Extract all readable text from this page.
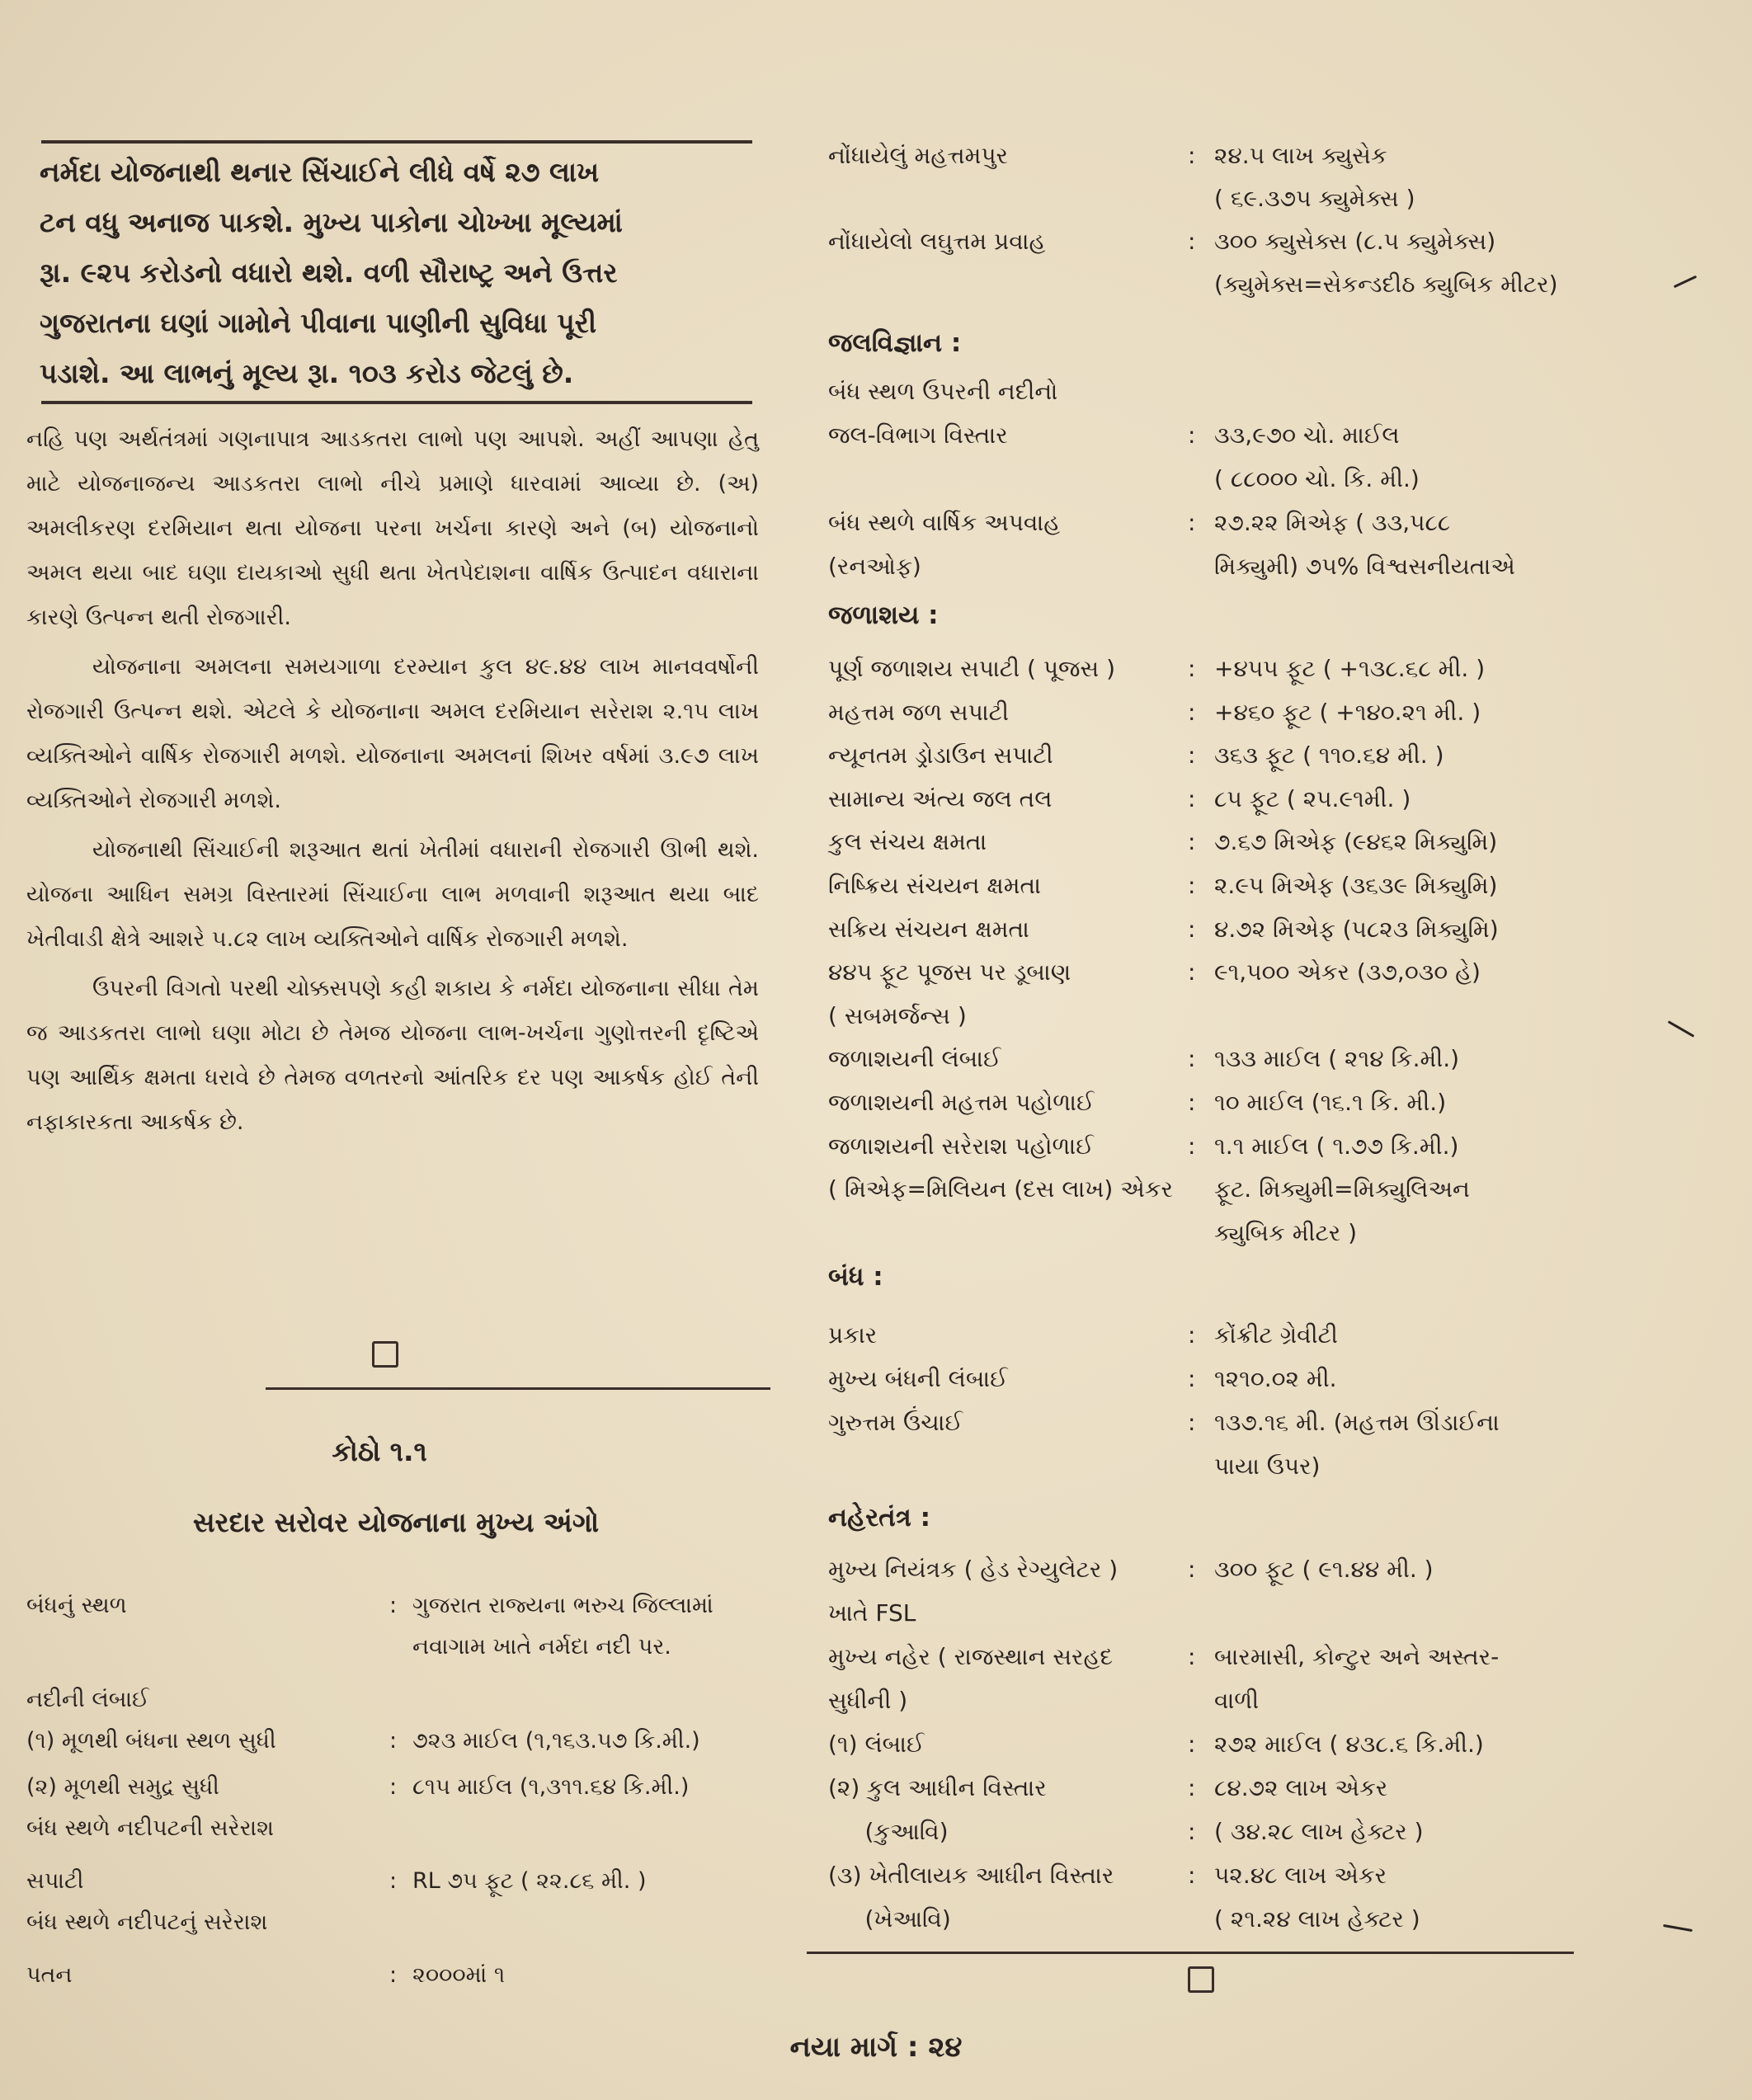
નર્મદા યોજનાથી થનાર સિંચાઈને લીધે વર્ષે ૨૭ લાખ
ટન વધુ અનાજ પાકશે. મુખ્ય પાકોના ચોખ્ખા મૂલ્યમાં
રૂા. ૯૨૫ કરોડનો વધારો થશે. વળી સૌરાષ્ટ્ર અને ઉત્તર
ગુજરાતના ઘણાં ગામોને પીવાના પાણીની સુવિધા પૂરી
પડાશે. આ લાભનું મૂલ્ય રૂા. ૧૦૩ કરોડ જેટલું છે.

નહિ પણ અર્થતંત્રમાં ગણનાપાત્ર આડકતરા લાભો પણ આપશે. અહીં આપણા હેતુ માટે યોજનાજન્ય આડકતરા લાભો નીચે પ્રમાણે ધારવામાં આવ્યા છે. (અ) અમલીકરણ દરમિયાન થતા યોજના પરના ખર્ચના કારણે અને (બ) યોજનાનો અમલ થયા બાદ ઘણા દાયકાઓ સુધી થતા ખેતપેદાશના વાર્ષિક ઉત્પાદન વધારાના કારણે ઉત્પન્ન થતી રોજગારી.

યોજનાના અમલના સમયગાળા દરમ્યાન કુલ ૪૯.૪૪ લાખ માનવવર્ષોની રોજગારી ઉત્પન્ન થશે. એટલે કે યોજનાના અમલ દરમિયાન સરેરાશ ૨.૧૫ લાખ વ્યક્તિઓને વાર્ષિક રોજગારી મળશે. યોજનાના અમલનાં શિખર વર્ષમાં ૩.૯૭ લાખ વ્યક્તિઓને રોજગારી મળશે.

યોજનાથી સિંચાઈની શરૂઆત થતાં ખેતીમાં વધારાની રોજગારી ઊભી થશે. યોજના આધિન સમગ્ર વિસ્તારમાં સિંચાઈના લાભ મળવાની શરૂઆત થયા બાદ ખેતીવાડી ક્ષેત્રે આશરે ૫.૮૨ લાખ વ્યક્તિઓને વાર્ષિક રોજગારી મળશે.

ઉપરની વિગતો પરથી ચોક્કસપણે કહી શકાય કે નર્મદા યોજનાના સીધા તેમ જ આડકતરા લાભો ઘણા મોટા છે તેમજ યોજના લાભ-ખર્ચના ગુણોત્તરની દૃષ્ટિએ પણ આર્થિક ક્ષમતા ધરાવે છે તેમજ વળતરનો આંતરિક દર પણ આકર્ષક હોઈ તેની નફાકારકતા આકર્ષક છે.

કોઠો ૧.૧
સરદાર સરોવર યોજનાના મુખ્ય અંગો
બંધનું સ્થળ	: ગુજરાત રાજ્યના ભરુચ જિલ્લામાં
નવાગામ ખાતે નર્મદા નદી પર.
નદીની લંબાઈ
(૧) મૂળથી બંધના સ્થળ સુધી	: ૭૨૩ માઈલ (૧,૧૬૩.૫૭ કિ.મી.)
(૨) મૂળથી સમુદ્ર સુધી	: ૮૧૫ માઈલ (૧,૩૧૧.૬૪ કિ.મી.)
બંધ સ્થળે નદીપટની સરેરાશ
સપાટી	: RL ૭૫ ફૂટ ( ૨૨.૮૬ મી. )
બંધ સ્થળે નદીપટનું સરેરાશ
પતન	: ૨૦૦૦માં ૧
નોંધાયેલું મહત્તમપુર	: ૨૪.૫ લાખ ક્યુસેક
( ૬૯.૩૭૫ ક્યુમેક્સ )
નોંધાયેલો લઘુત્તમ પ્રવાહ	: ૩૦૦ ક્યુસેક્સ (૮.૫ ક્યુમેક્સ)
(ક્યુમેક્સ=સેકન્ડદીઠ ક્યુબિક મીટર)
જલવિજ્ઞાન :
બંધ સ્થળ ઉપરની નદીનો
જલ-વિભાગ વિસ્તાર	: ૩૩,૯૭૦ ચો. માઈલ
( ૮૮૦૦૦ ચો. કિ. મી.)
બંધ સ્થળે વાર્ષિક અપવાહ	: ૨૭.૨૨ મિએફ ( ૩૩,૫૮૮
(રનઓફ)	મિક્યુમી) ૭૫% વિશ્વસનીયતાએ
જળાશય :
પૂર્ણ જળાશય સપાટી ( પૂજસ )	: +૪૫૫ ફૂટ ( +૧૩૮.૬૮ મી. )
મહત્તમ જળ સપાટી	: +૪૬૦ ફૂટ ( +૧૪૦.૨૧ મી. )
ન્યૂનતમ ડ્રોડાઉન સપાટી	: ૩૬૩ ફૂટ ( ૧૧૦.૬૪ મી. )
સામાન્ય અંત્ય જલ તલ	: ૮૫ ફૂટ ( ૨૫.૯૧મી. )
કુલ સંચય ક્ષમતા	: ૭.૬૭ મિએફ (૯૪૬૨ મિક્યુમિ)
નિષ્ક્રિય સંચયન ક્ષમતા	: ૨.૯૫ મિએફ (૩૬૩૯ મિક્યુમિ)
સક્રિય સંચયન ક્ષમતા	: ૪.૭૨ મિએફ (૫૮૨૩ મિક્યુમિ)
૪૪૫ ફૂટ પૂજસ પર ડૂબાણ	: ૯૧,૫૦૦ એકર (૩૭,૦૩૦ હે)
( સબમર્જન્સ )
જળાશયની લંબાઈ	: ૧૩૩ માઈલ ( ૨૧૪ કિ.મી.)
જળાશયની મહત્તમ પહોળાઈ	: ૧૦ માઈલ (૧૬.૧ કિ. મી.)
જળાશયની સરેરાશ પહોળાઈ	: ૧.૧ માઈલ ( ૧.૭૭ કિ.મી.)
( મિએફ=મિલિયન (દસ લાખ) એકર ફૂટ. મિક્યુમી=મિક્યુલિઅન
ક્યુબિક મીટર )
બંધ :
પ્રકાર	: કોંક્રીટ ગ્રેવીટી
મુખ્ય બંધની લંબાઈ	: ૧૨૧૦.૦૨ મી.
ગુરુત્તમ ઉંચાઈ	: ૧૩૭.૧૬ મી. (મહત્તમ ઊંડાઈના
પાયા ઉપર)
નહેરતંત્ર :
મુખ્ય નિયંત્રક ( હેડ રેગ્યુલેટર )	: ૩૦૦ ફૂટ ( ૯૧.૪૪ મી. )
ખાતે FSL
મુખ્ય નહેર ( રાજસ્થાન સરહદ	: બારમાસી, કોન્ટુર અને અસ્તર-
સુધીની )	વાળી
(૧) લંબાઈ	: ૨૭૨ માઈલ ( ૪૩૮.૬ કિ.મી.)
(૨) કુલ આધીન વિસ્તાર	: ૮૪.૭૨ લાખ એકર
(કુઆવિ)	: ( ૩૪.૨૮ લાખ હેક્ટર )
(૩) ખેતીલાયક આધીન વિસ્તાર	: ૫૨.૪૮ લાખ એકર
(ખેઆવિ)	( ૨૧.૨૪ લાખ હેક્ટર )
નયા માર્ગ : ૨૪
